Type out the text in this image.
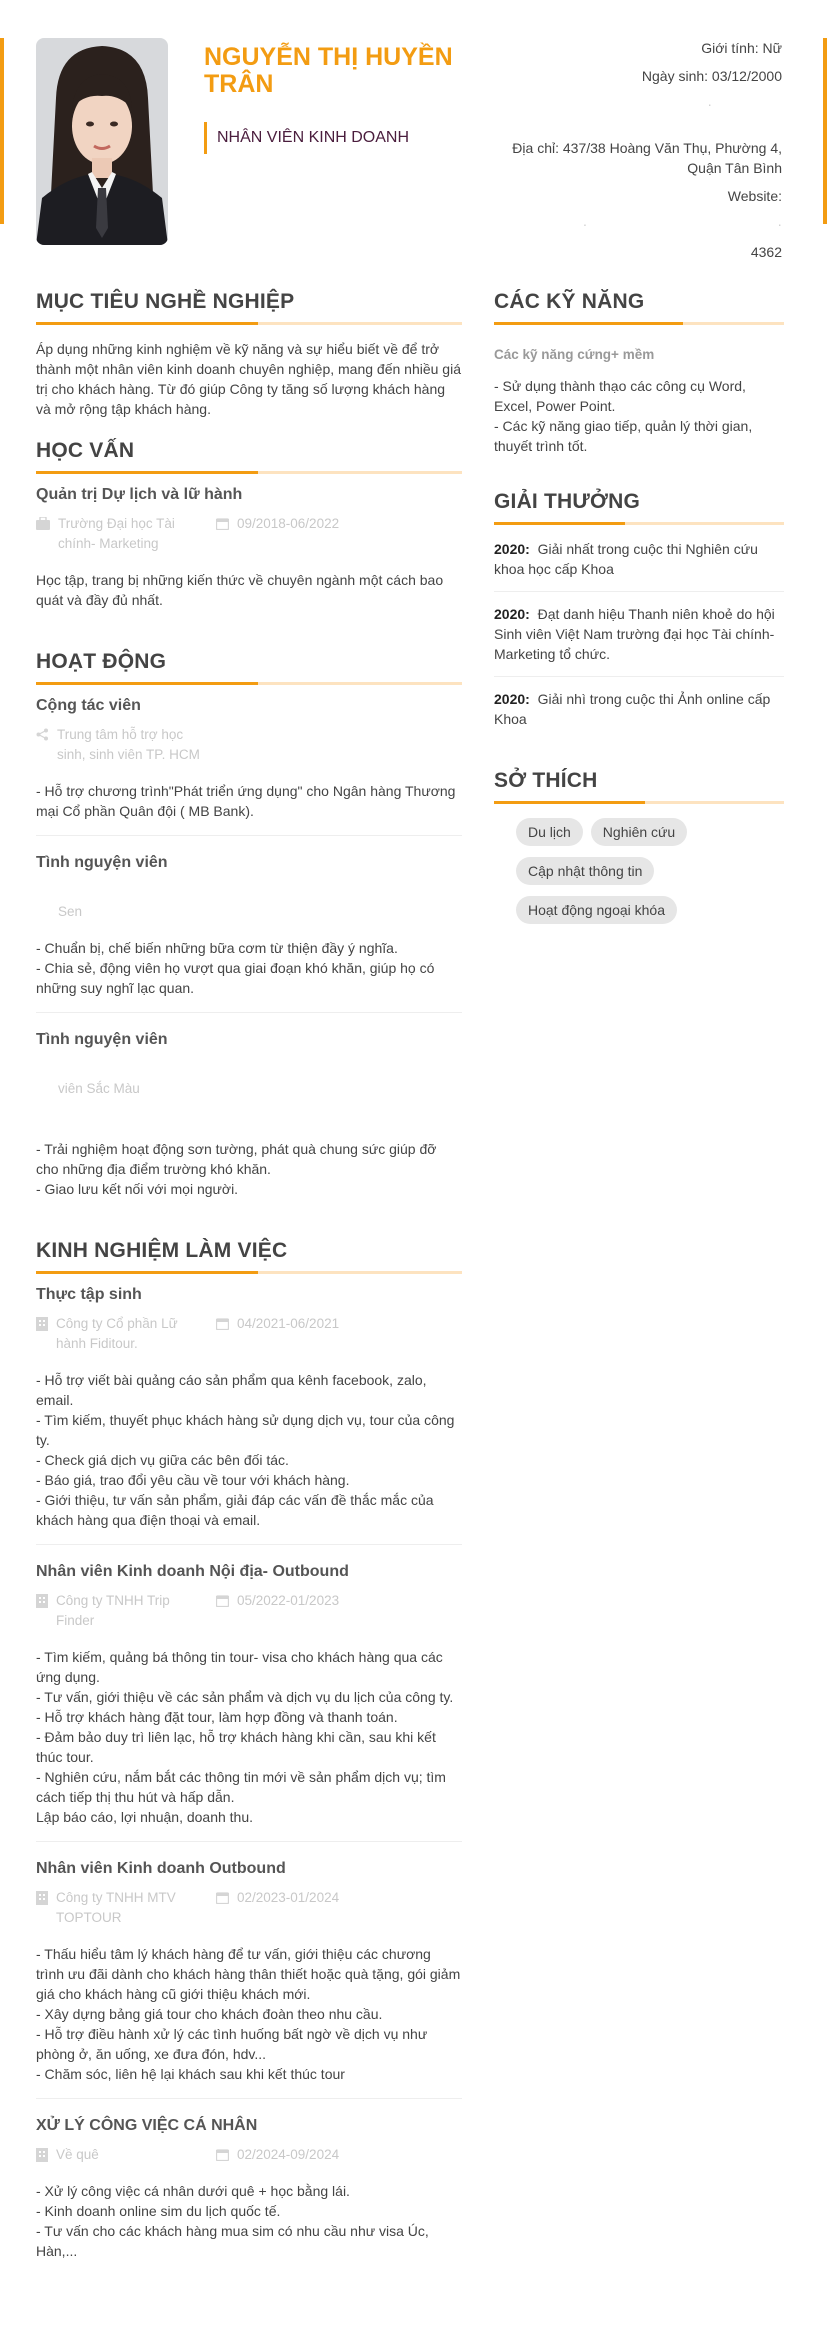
NGUYỄN THỊ HUYỀN TRÂN
NHÂN VIÊN KINH DOANH
Giới tính: Nữ
Ngày sinh: 03/12/2000
·
Địa chỉ: 437/38 Hoàng Văn Thụ, Phường 4, Quận Tân Bình
Website:
·	·
4362
MỤC TIÊU NGHỀ NGHIỆP

Áp dụng những kinh nghiệm về kỹ năng và sự hiểu biết về để trở thành một nhân viên kinh doanh chuyên nghiệp, mang đến nhiều giá trị cho khách hàng. Từ đó giúp Công ty tăng số lượng khách hàng và mở rộng tập khách hàng.

HỌC VẤN
Quản trị Dự lịch và lữ hành
Trường Đại học Tài chính- Marketing
09/2018-06/2022

Học tập, trang bị những kiến thức về chuyên ngành một cách bao quát và đầy đủ nhất.

HOẠT ĐỘNG
Cộng tác viên
Trung tâm hỗ trợ học sinh, sinh viên TP. HCM

- Hỗ trợ chương trình"Phát triển ứng dụng" cho Ngân hàng Thương mại Cổ phần Quân đội ( MB Bank).

Tình nguyện viên
Sen

- Chuẩn bị, chế biến những bữa cơm từ thiện đầy ý nghĩa.
- Chia sẻ, động viên họ vượt qua giai đoạn khó khăn, giúp họ có những suy nghĩ lạc quan.

Tình nguyện viên
viên Sắc Màu

- Trải nghiệm hoạt động sơn tường, phát quà chung sức giúp đỡ cho những địa điểm trường khó khăn.
- Giao lưu kết nối với mọi người.

KINH NGHIỆM LÀM VIỆC
Thực tập sinh
Công ty Cổ phần Lữ hành Fiditour.
04/2021-06/2021

- Hỗ trợ viết bài quảng cáo sản phẩm qua kênh facebook, zalo, email.
- Tìm kiếm, thuyết phục khách hàng sử dụng dịch vụ, tour của công ty.
- Check giá dịch vụ giữa các bên đối tác.
- Báo giá, trao đổi yêu cầu về tour với khách hàng.
- Giới thiệu, tư vấn sản phẩm, giải đáp các vấn đề thắc mắc của khách hàng qua điện thoại và email.

Nhân viên Kinh doanh Nội địa- Outbound
Công ty TNHH Trip Finder
05/2022-01/2023

- Tìm kiếm, quảng bá thông tin tour- visa cho khách hàng qua các ứng dụng.
- Tư vấn, giới thiệu về các sản phẩm và dịch vụ du lịch của công ty.
- Hỗ trợ khách hàng đặt tour, làm hợp đồng và thanh toán.
- Đảm bảo duy trì liên lạc, hỗ trợ khách hàng khi cần, sau khi kết thúc tour.
- Nghiên cứu, nắm bắt các thông tin mới về sản phẩm dịch vụ; tìm cách tiếp thị thu hút và hấp dẫn.
Lập báo cáo, lợi nhuận, doanh thu.

Nhân viên Kinh doanh Outbound
Công ty TNHH MTV TOPTOUR
02/2023-01/2024

- Thấu hiểu tâm lý khách hàng để tư vấn, giới thiệu các chương trình ưu đãi dành cho khách hàng thân thiết hoặc quà tặng, gói giảm giá cho khách hàng cũ giới thiệu khách mới.
- Xây dựng bảng giá tour cho khách đoàn theo nhu cầu.
- Hỗ trợ điều hành xử lý các tình huống bất ngờ về dịch vụ như phòng ở, ăn uống, xe đưa đón, hdv...
- Chăm sóc, liên hệ lại khách sau khi kết thúc tour

XỬ LÝ CÔNG VIỆC CÁ NHÂN
Về quê	02/2024-09/2024

- Xử lý công việc cá nhân dưới quê + học bằng lái.
- Kinh doanh online sim du lịch quốc tế.
- Tư vấn cho các khách hàng mua sim có nhu cầu như visa Úc, Hàn,...

CÁC KỸ NĂNG

Các kỹ năng cứng+ mềm

- Sử dụng thành thạo các công cụ Word, Excel, Power Point.
- Các kỹ năng giao tiếp, quản lý thời gian, thuyết trình tốt.

GIẢI THƯỞNG

2020: Giải nhất trong cuộc thi Nghiên cứu khoa học cấp Khoa

2020: Đạt danh hiệu Thanh niên khoẻ do hội Sinh viên Việt Nam trường đại học Tài chính- Marketing tổ chức.

2020: Giải nhì trong cuộc thi Ảnh online cấp Khoa

SỞ THÍCH
Du lịch Nghiên cứu
Cập nhật thông tin
Hoạt động ngoại khóa
